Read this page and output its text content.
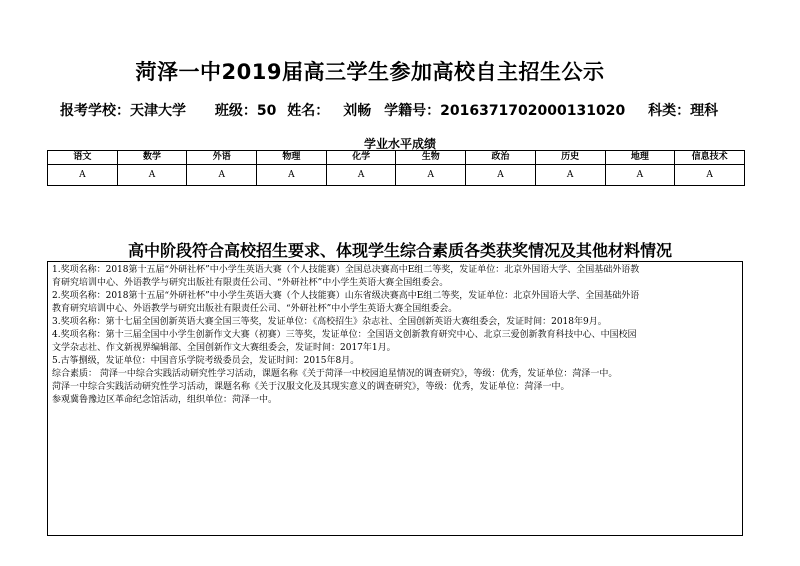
菏泽一中2019届高三学生参加高校自主招生公示
报考学校：天津大学 班级：50 姓名： 刘畅 学籍号：2016371702000131020 科类：理科
学业水平成绩
语文	数学	外语	物理	化学	生物	政治	历史	地理	信息技术
A	A	A	A	A	A	A	A	A	A
高中阶段符合高校招生要求、体现学生综合素质各类获奖情况及其他材料情况
1.奖项名称：2018第十五届“外研社杯”中小学生英语大赛（个人技能赛）全国总决赛高中E组二等奖，发证单位：北京外国语大学、全国基础外语教
育研究培训中心、外语教学与研究出版社有限责任公司、“外研社杯”中小学生英语大赛全国组委会。
2.奖项名称：2018第十五届“外研社杯”中小学生英语大赛（个人技能赛）山东省级决赛高中E组二等奖，发证单位：北京外国语大学、全国基础外语
教育研究培训中心、外语教学与研究出版社有限责任公司、“外研社杯”中小学生英语大赛全国组委会。
3.奖项名称：第十七届全国创新英语大赛全国三等奖，发证单位：《高校招生》杂志社、全国创新英语大赛组委会，发证时间：2018年9月。
4.奖项名称：第十三届全国中小学生创新作文大赛（初赛）三等奖，发证单位：全国语文创新教育研究中心、北京三爱创新教育科技中心、中国校园
文学杂志社、作文新视界编辑部、全国创新作文大赛组委会，发证时间：2017年1月。
5.古筝捌级，发证单位：中国音乐学院考级委员会，发证时间：2015年8月。
综合素质： 菏泽一中综合实践活动研究性学习活动，课题名称《关于菏泽一中校园追星情况的调查研究》，等级：优秀，发证单位：菏泽一中。
菏泽一中综合实践活动研究性学习活动，课题名称《关于汉服文化及其现实意义的调查研究》，等级：优秀，发证单位：菏泽一中。
参观冀鲁豫边区革命纪念馆活动，组织单位：菏泽一中。
